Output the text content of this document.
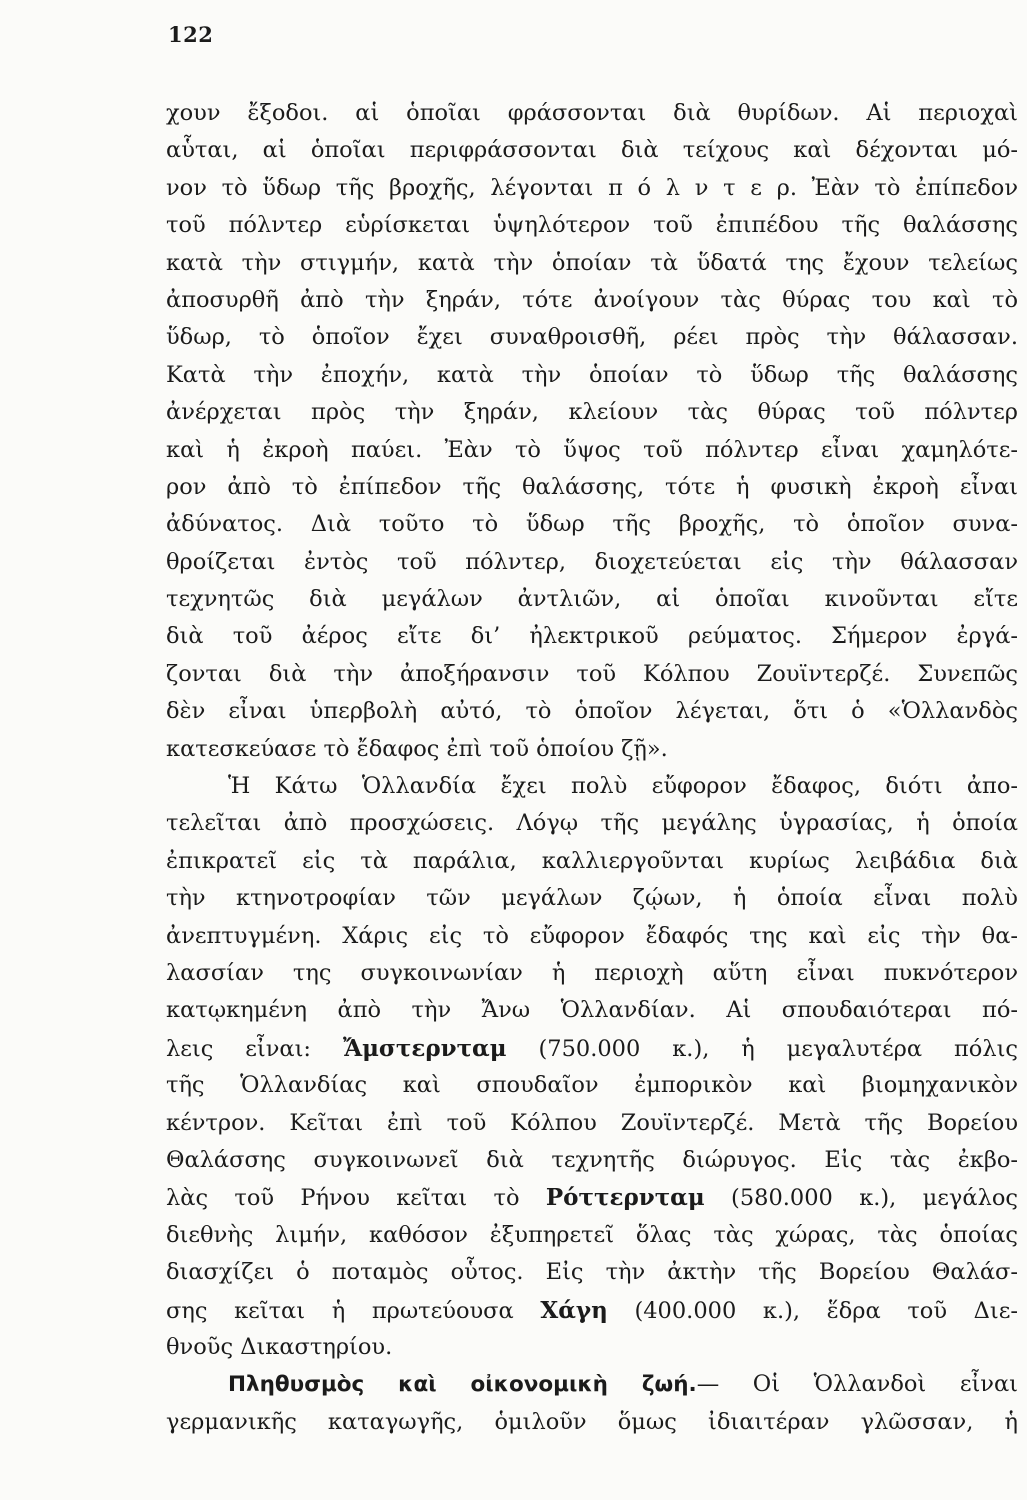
122
χουν ἔξοδοι. αἱ ὁποῖαι φράσσονται διὰ θυρίδων. Αἱ περιοχαὶ
αὗται, αἱ ὁποῖαι περιφράσσονται διὰ τείχους καὶ δέχονται μό-
νον τὸ ὕδωρ τῆς βροχῆς, λέγονται π ό λ ν τ ε ρ. Ἐὰν τὸ ἐπίπεδον
τοῦ πόλντερ εὑρίσκεται ὑψηλότερον τοῦ ἐπιπέδου τῆς θαλάσσης
κατὰ τὴν στιγμήν, κατὰ τὴν ὁποίαν τὰ ὕδατά της ἔχουν τελείως
ἀποσυρθῆ ἀπὸ τὴν ξηράν, τότε ἀνοίγουν τὰς θύρας του καὶ τὸ
ὕδωρ, τὸ ὁποῖον ἔχει συναθροισθῆ, ρέει πρὸς τὴν θάλασσαν.
Κατὰ τὴν ἐποχήν, κατὰ τὴν ὁποίαν τὸ ὕδωρ τῆς θαλάσσης
ἀνέρχεται πρὸς τὴν ξηράν, κλείουν τὰς θύρας τοῦ πόλντερ
καὶ ἡ ἐκροὴ παύει. Ἐὰν τὸ ὕψος τοῦ πόλντερ εἶναι χαμηλότε-
ρον ἀπὸ τὸ ἐπίπεδον τῆς θαλάσσης, τότε ἡ φυσικὴ ἐκροὴ εἶναι
ἀδύνατος. Διὰ τοῦτο τὸ ὕδωρ τῆς βροχῆς, τὸ ὁποῖον συνα-
θροίζεται ἐντὸς τοῦ πόλντερ, διοχετεύεται εἰς τὴν θάλασσαν
τεχνητῶς διὰ μεγάλων ἀντλιῶν, αἱ ὁποῖαι κινοῦνται εἴτε
διὰ τοῦ ἀέρος εἴτε δι’ ἠλεκτρικοῦ ρεύματος. Σήμερον ἐργά-
ζονται διὰ τὴν ἀποξήρανσιν τοῦ Κόλπου Ζουϊντερζέ. Συνεπῶς
δὲν εἶναι ὑπερβολὴ αὐτό, τὸ ὁποῖον λέγεται, ὅτι ὁ «Ὁλλανδὸς
κατεσκεύασε τὸ ἔδαφος ἐπὶ τοῦ ὁποίου ζῇ».
Ἡ Κάτω Ὁλλανδία ἔχει πολὺ εὔφορον ἔδαφος, διότι ἀπο-
τελεῖται ἀπὸ προσχώσεις. Λόγῳ τῆς μεγάλης ὑγρασίας, ἡ ὁποία
ἐπικρατεῖ εἰς τὰ παράλια, καλλιεργοῦνται κυρίως λειβάδια διὰ
τὴν κτηνοτροφίαν τῶν μεγάλων ζῴων, ἡ ὁποία εἶναι πολὺ
ἀνεπτυγμένη. Χάρις εἰς τὸ εὔφορον ἔδαφός της καὶ εἰς τὴν θα-
λασσίαν της συγκοινωνίαν ἡ περιοχὴ αὕτη εἶναι πυκνότερον
κατῳκημένη ἀπὸ τὴν Ἄνω Ὁλλανδίαν. Αἱ σπουδαιότεραι πό-
λεις εἶναι: Ἄμστερνταμ (750.000 κ.), ἡ μεγαλυτέρα πόλις
τῆς Ὁλλανδίας καὶ σπουδαῖον ἐμπορικὸν καὶ βιομηχανικὸν
κέντρον. Κεῖται ἐπὶ τοῦ Κόλπου Ζουϊντερζέ. Μετὰ τῆς Βορείου
Θαλάσσης συγκοινωνεῖ διὰ τεχνητῆς διώρυγος. Εἰς τὰς ἐκβο-
λὰς τοῦ Ρήνου κεῖται τὸ Ρόττερνταμ (580.000 κ.), μεγάλος
διεθνὴς λιμήν, καθόσον ἐξυπηρετεῖ ὅλας τὰς χώρας, τὰς ὁποίας
διασχίζει ὁ ποταμὸς οὗτος. Εἰς τὴν ἀκτὴν τῆς Βορείου Θαλάσ-
σης κεῖται ἡ πρωτεύουσα Χάγη (400.000 κ.), ἕδρα τοῦ Διε-
θνοῦς Δικαστηρίου.
Πληθυσμὸς καὶ οἰκονομικὴ ζωή.— Οἱ Ὁλλανδοὶ εἶναι
γερμανικῆς καταγωγῆς, ὁμιλοῦν ὅμως ἰδιαιτέραν γλῶσσαν, ἡ
